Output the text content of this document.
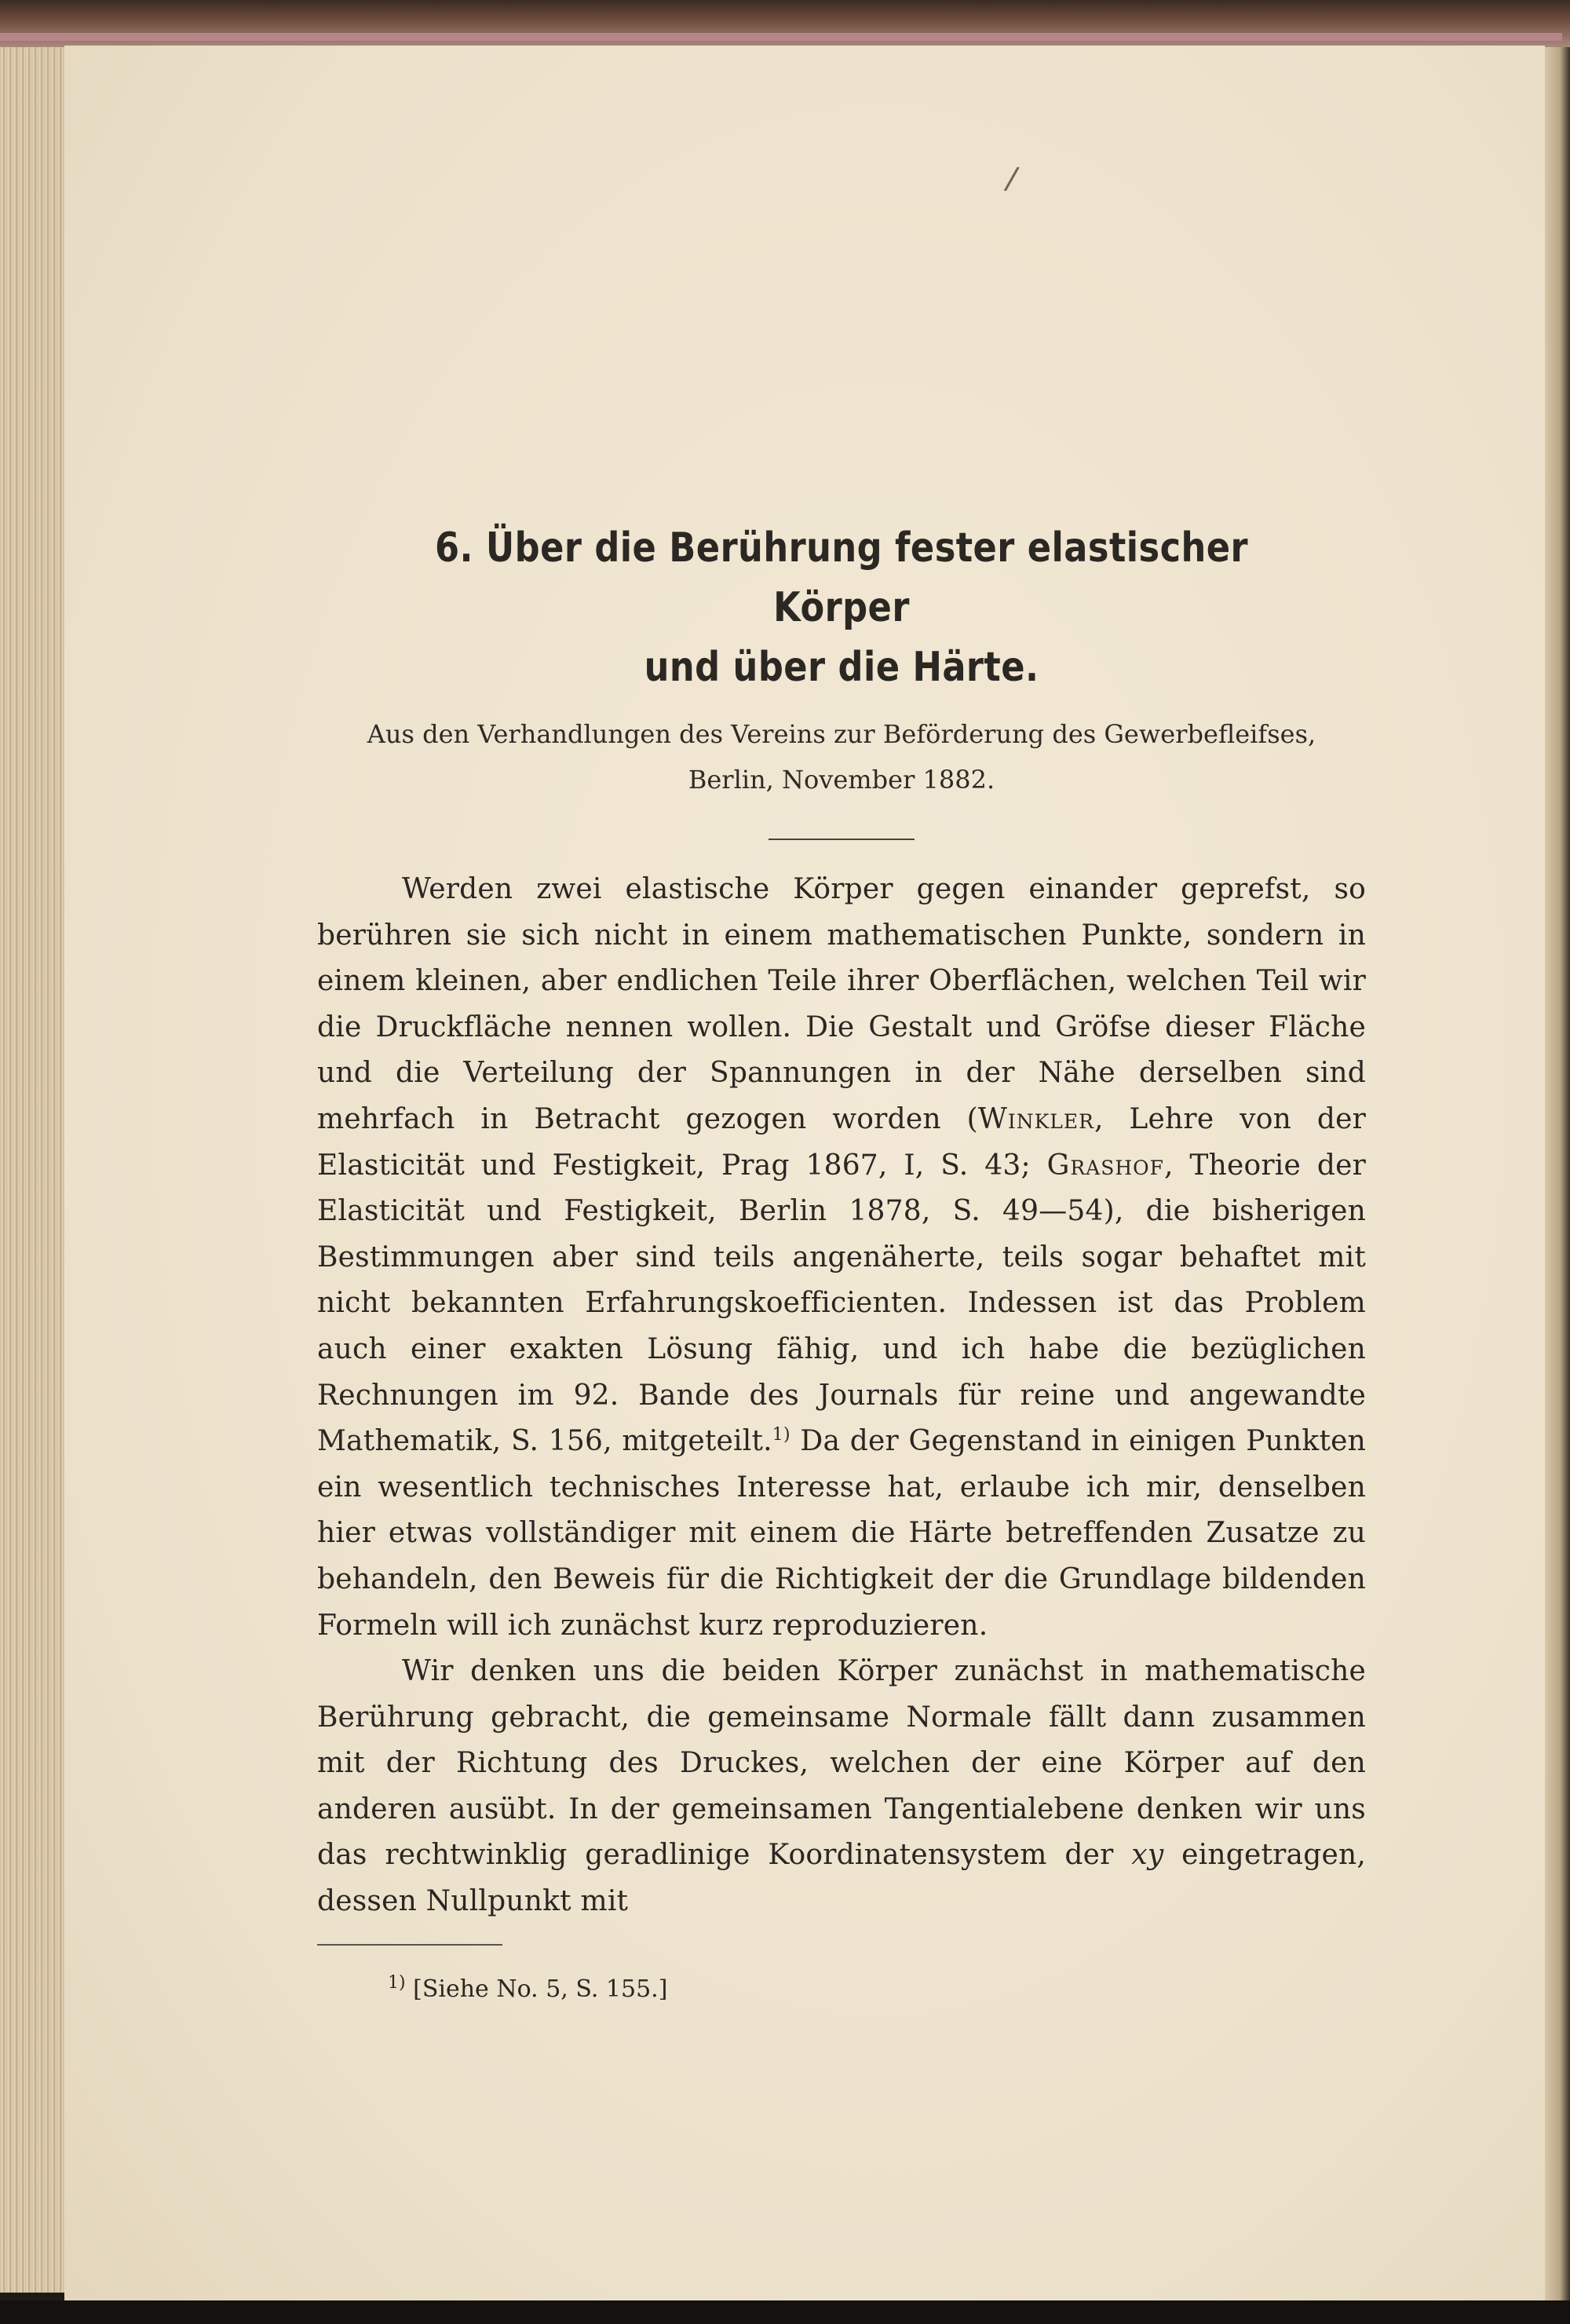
/
6. Über die Berührung fester elastischer Körper
und über die Härte.

Aus den Verhandlungen des Vereins zur Beförderung des Gewerbefleifses,
Berlin, November 1882.

Werden zwei elastische Körper gegen einander geprefst, so berühren sie sich nicht in einem mathematischen Punkte, sondern in einem kleinen, aber endlichen Teile ihrer Oberflächen, welchen Teil wir die Druckfläche nennen wollen. Die Gestalt und Gröfse dieser Fläche und die Verteilung der Spannungen in der Nähe derselben sind mehrfach in Betracht gezogen worden (Winkler, Lehre von der Elasticität und Festigkeit, Prag 1867, I, S. 43; Grashof, Theorie der Elasticität und Festigkeit, Berlin 1878, S. 49—54), die bisherigen Bestimmungen aber sind teils angenäherte, teils sogar behaftet mit nicht bekannten Erfahrungskoefficienten. Indessen ist das Problem auch einer exakten Lösung fähig, und ich habe die bezüglichen Rechnungen im 92. Bande des Journals für reine und angewandte Mathematik, S. 156, mitgeteilt.$^{1)}$ Da der Gegenstand in einigen Punkten ein wesentlich technisches Interesse hat, erlaube ich mir, denselben hier etwas vollständiger mit einem die Härte betreffenden Zusatze zu behandeln, den Beweis für die Richtigkeit der die Grundlage bildenden Formeln will ich zunächst kurz reproduzieren.

Wir denken uns die beiden Körper zunächst in mathematische Berührung gebracht, die gemeinsame Normale fällt dann zusammen mit der Richtung des Druckes, welchen der eine Körper auf den anderen ausübt. In der gemeinsamen Tangentialebene denken wir uns das rechtwinklig geradlinige Koordinatensystem der xy eingetragen, dessen Nullpunkt mit

$^{1)}$ [Siehe No. 5, S. 155.]
